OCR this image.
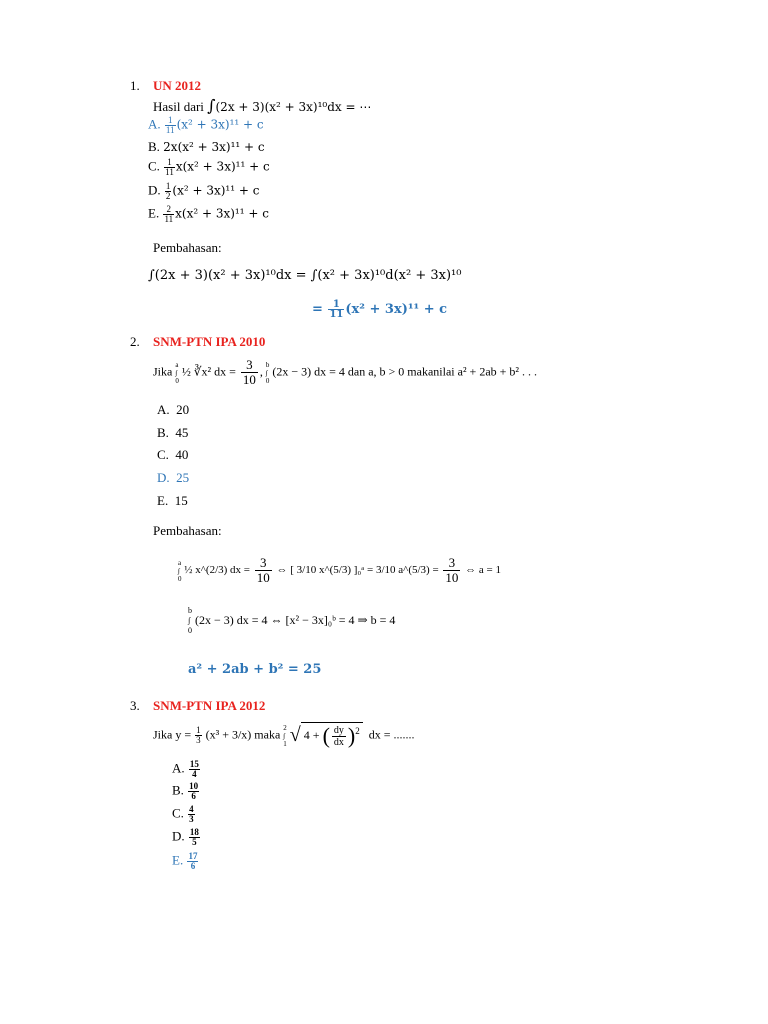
1. UN 2012
Hasil dari ∫(2x + 3)(x² + 3x)¹⁰dx = ⋯
A. $\frac{1}{11} (x^2 + 3x)^{11} + c$
B. 2x(x² + 3x)¹¹ + c
C. $\frac{1}{11} x(x^2 + 3x)^{11} + c$
D. $\frac{1}{2} (x^2 + 3x)^{11} + c$
E. $\frac{2}{11} x(x^2 + 3x)^{11} + c$
Pembahasan:
∫(2x + 3)(x² + 3x)¹⁰dx = ∫(x² + 3x)¹⁰d(x² + 3x)¹⁰
= $\frac{1}{11} (x^2 + 3x)^{11} + c$
2. SNM-PTN IPA 2010
Jika a
∫
0 ½ ∛x² dx = $\frac{3}{10}$ , b
∫
0 (2x − 3) dx = 4 dan a, b > 0 makanilai a² + 2ab + b² . . .
A. 20
B. 45
C. 40
D. 25
E. 15
Pembahasan:
a
∫
0 ½ x^(2/3) dx = $\frac{3}{10}$ ⇔ [ 3/10 x^(5/3) ]₀ᵃ = 3/10 a^(5/3) = $\frac{3}{10}$ ⇔ a = 1
b
∫
0 (2x − 3) dx = 4 ⇔ [x² − 3x]₀ᵇ = 4 ⇒ b = 4
a² + 2ab + b² = 25
3. SNM-PTN IPA 2012
Jika $y = \frac{1}{3} (x^3 + 3/x)$ maka 2
∫
1 √ 4 + ( $\frac{dy}{dx} )^2$ dx = .......
A. $\frac{15}{4}$
B. $\frac{10}{6}$
C. $\frac{4}{3}$
D. $\frac{18}{5}$
E. $\frac{17}{6}$
